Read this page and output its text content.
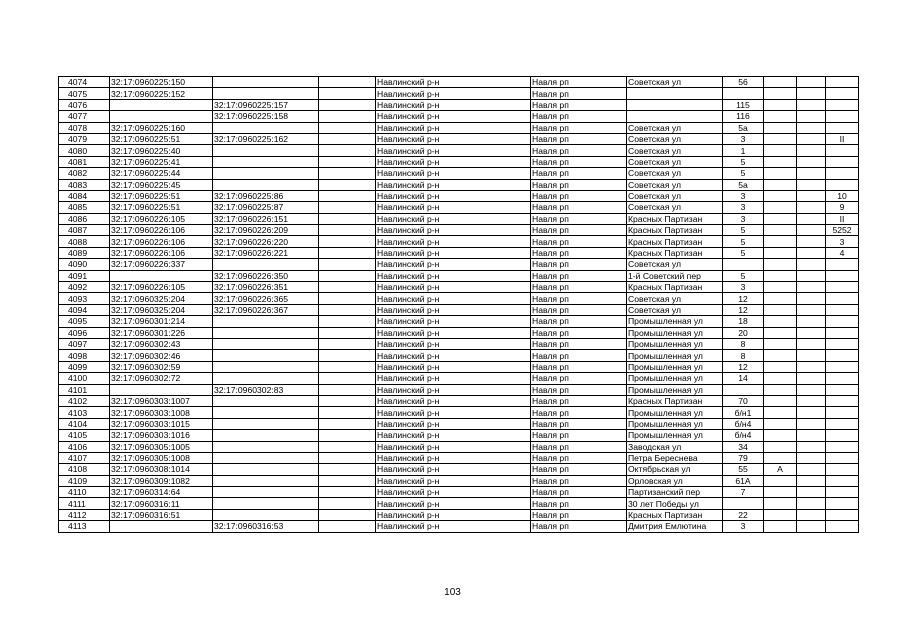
4074	32:17:0960225:150			Навлинский р-н	Навля рп	Советская ул	56			
4075	32:17:0960225:152			Навлинский р-н	Навля рп					
4076		32:17:0960225:157		Навлинский р-н	Навля рп		115			
4077		32:17:0960225:158		Навлинский р-н	Навля рп		116			
4078	32:17:0960225:160			Навлинский р-н	Навля рп	Советская ул	5а			
4079	32:17:0960225:51	32:17:0960225:162		Навлинский р-н	Навля рп	Советская ул	3			II
4080	32:17:0960225:40			Навлинский р-н	Навля рп	Советская ул	1			
4081	32:17:0960225:41			Навлинский р-н	Навля рп	Советская ул	5			
4082	32:17:0960225:44			Навлинский р-н	Навля рп	Советская ул	5			
4083	32:17:0960225:45			Навлинский р-н	Навля рп	Советская ул	5а			
4084	32:17:0960225:51	32:17:0960225:86		Навлинский р-н	Навля рп	Советская ул	3			10
4085	32:17:0960225:51	32:17:0960225:87		Навлинский р-н	Навля рп	Советская ул	3			9
4086	32:17:0960226:105	32:17:0960226:151		Навлинский р-н	Навля рп	Красных Партизан	3			II
4087	32:17:0960226:106	32:17:0960226:209		Навлинский р-н	Навля рп	Красных Партизан	5			5252
4088	32:17:0960226:106	32:17:0960226:220		Навлинский р-н	Навля рп	Красных Партизан	5			3
4089	32:17:0960226:106	32:17:0960226:221		Навлинский р-н	Навля рп	Красных Партизан	5			4
4090	32:17:0960226:337			Навлинский р-н	Навля рп	Советская ул				
4091		32:17:0960226:350		Навлинский р-н	Навля рп	1-й Советский пер	5			
4092	32:17:0960226:105	32:17:0960226:351		Навлинский р-н	Навля рп	Красных Партизан	3			
4093	32:17:0960325:204	32:17:0960226:365		Навлинский р-н	Навля рп	Советская ул	12			
4094	32:17:0960325:204	32:17:0960226:367		Навлинский р-н	Навля рп	Советская ул	12			
4095	32:17:0960301:214			Навлинский р-н	Навля рп	Промышленная ул	18			
4096	32:17:0960301:226			Навлинский р-н	Навля рп	Промышленная ул	20			
4097	32:17:0960302:43			Навлинский р-н	Навля рп	Промышленная ул	8			
4098	32:17:0960302:46			Навлинский р-н	Навля рп	Промышленная ул	8			
4099	32:17:0960302:59			Навлинский р-н	Навля рп	Промышленная ул	12			
4100	32:17:0960302:72			Навлинский р-н	Навля рп	Промышленная ул	14			
4101		32:17:0960302:83		Навлинский р-н	Навля рп	Промышленная ул				
4102	32:17:0960303:1007			Навлинский р-н	Навля рп	Красных Партизан	70			
4103	32:17:0960303:1008			Навлинский р-н	Навля рп	Промышленная ул	б/н1			
4104	32:17:0960303:1015			Навлинский р-н	Навля рп	Промышленная ул	б/н4			
4105	32:17:0960303:1016			Навлинский р-н	Навля рп	Промышленная ул	б/н4			
4106	32:17:0960305:1005			Навлинский р-н	Навля рп	Заводская ул	34			
4107	32:17:0960305:1008			Навлинский р-н	Навля рп	Петра Береснева	79			
4108	32:17:0960308:1014			Навлинский р-н	Навля рп	Октябрьская ул	55	А		
4109	32:17:0960309:1082			Навлинский р-н	Навля рп	Орловская ул	61А			
4110	32:17:0960314:64			Навлинский р-н	Навля рп	Партизанский пер	7			
4111	32:17:0960316:11			Навлинский р-н	Навля рп	30 лет Победы ул				
4112	32:17:0960316:51			Навлинский р-н	Навля рп	Красных Партизан	22			
4113		32:17:0960316:53		Навлинский р-н	Навля рп	Дмитрия Емлютина	3			
103
